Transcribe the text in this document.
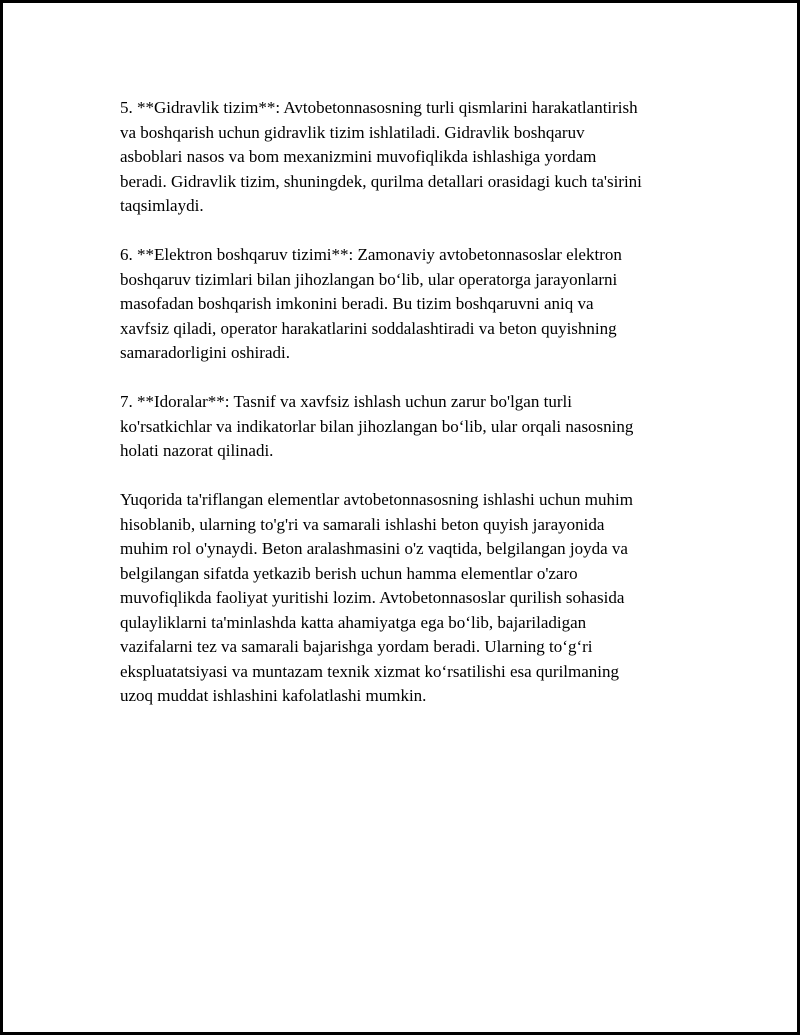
5. **Gidravlik tizim**: Avtobetonnasosning turli qismlarini harakatlantirish
va boshqarish uchun gidravlik tizim ishlatiladi. Gidravlik boshqaruv
asboblari nasos va bom mexanizmini muvofiqlikda ishlashiga yordam
beradi. Gidravlik tizim, shuningdek, qurilma detallari orasidagi kuch ta'sirini
taqsimlaydi.

6. **Elektron boshqaruv tizimi**: Zamonaviy avtobetonnasoslar elektron
boshqaruv tizimlari bilan jihozlangan bo‘lib, ular operatorga jarayonlarni
masofadan boshqarish imkonini beradi. Bu tizim boshqaruvni aniq va
xavfsiz qiladi, operator harakatlarini soddalashtiradi va beton quyishning
samaradorligini oshiradi.

7. **Idoralar**: Tasnif va xavfsiz ishlash uchun zarur bo'lgan turli
ko'rsatkichlar va indikatorlar bilan jihozlangan bo‘lib, ular orqali nasosning
holati nazorat qilinadi.

Yuqorida ta'riflangan elementlar avtobetonnasosning ishlashi uchun muhim
hisoblanib, ularning to'g'ri va samarali ishlashi beton quyish jarayonida
muhim rol o'ynaydi. Beton aralashmasini o'z vaqtida, belgilangan joyda va
belgilangan sifatda yetkazib berish uchun hamma elementlar o'zaro
muvofiqlikda faoliyat yuritishi lozim. Avtobetonnasoslar qurilish sohasida
qulayliklarni ta'minlashda katta ahamiyatga ega bo‘lib, bajariladigan
vazifalarni tez va samarali bajarishga yordam beradi. Ularning to‘g‘ri
ekspluatatsiyasi va muntazam texnik xizmat ko‘rsatilishi esa qurilmaning
uzoq muddat ishlashini kafolatlashi mumkin.
